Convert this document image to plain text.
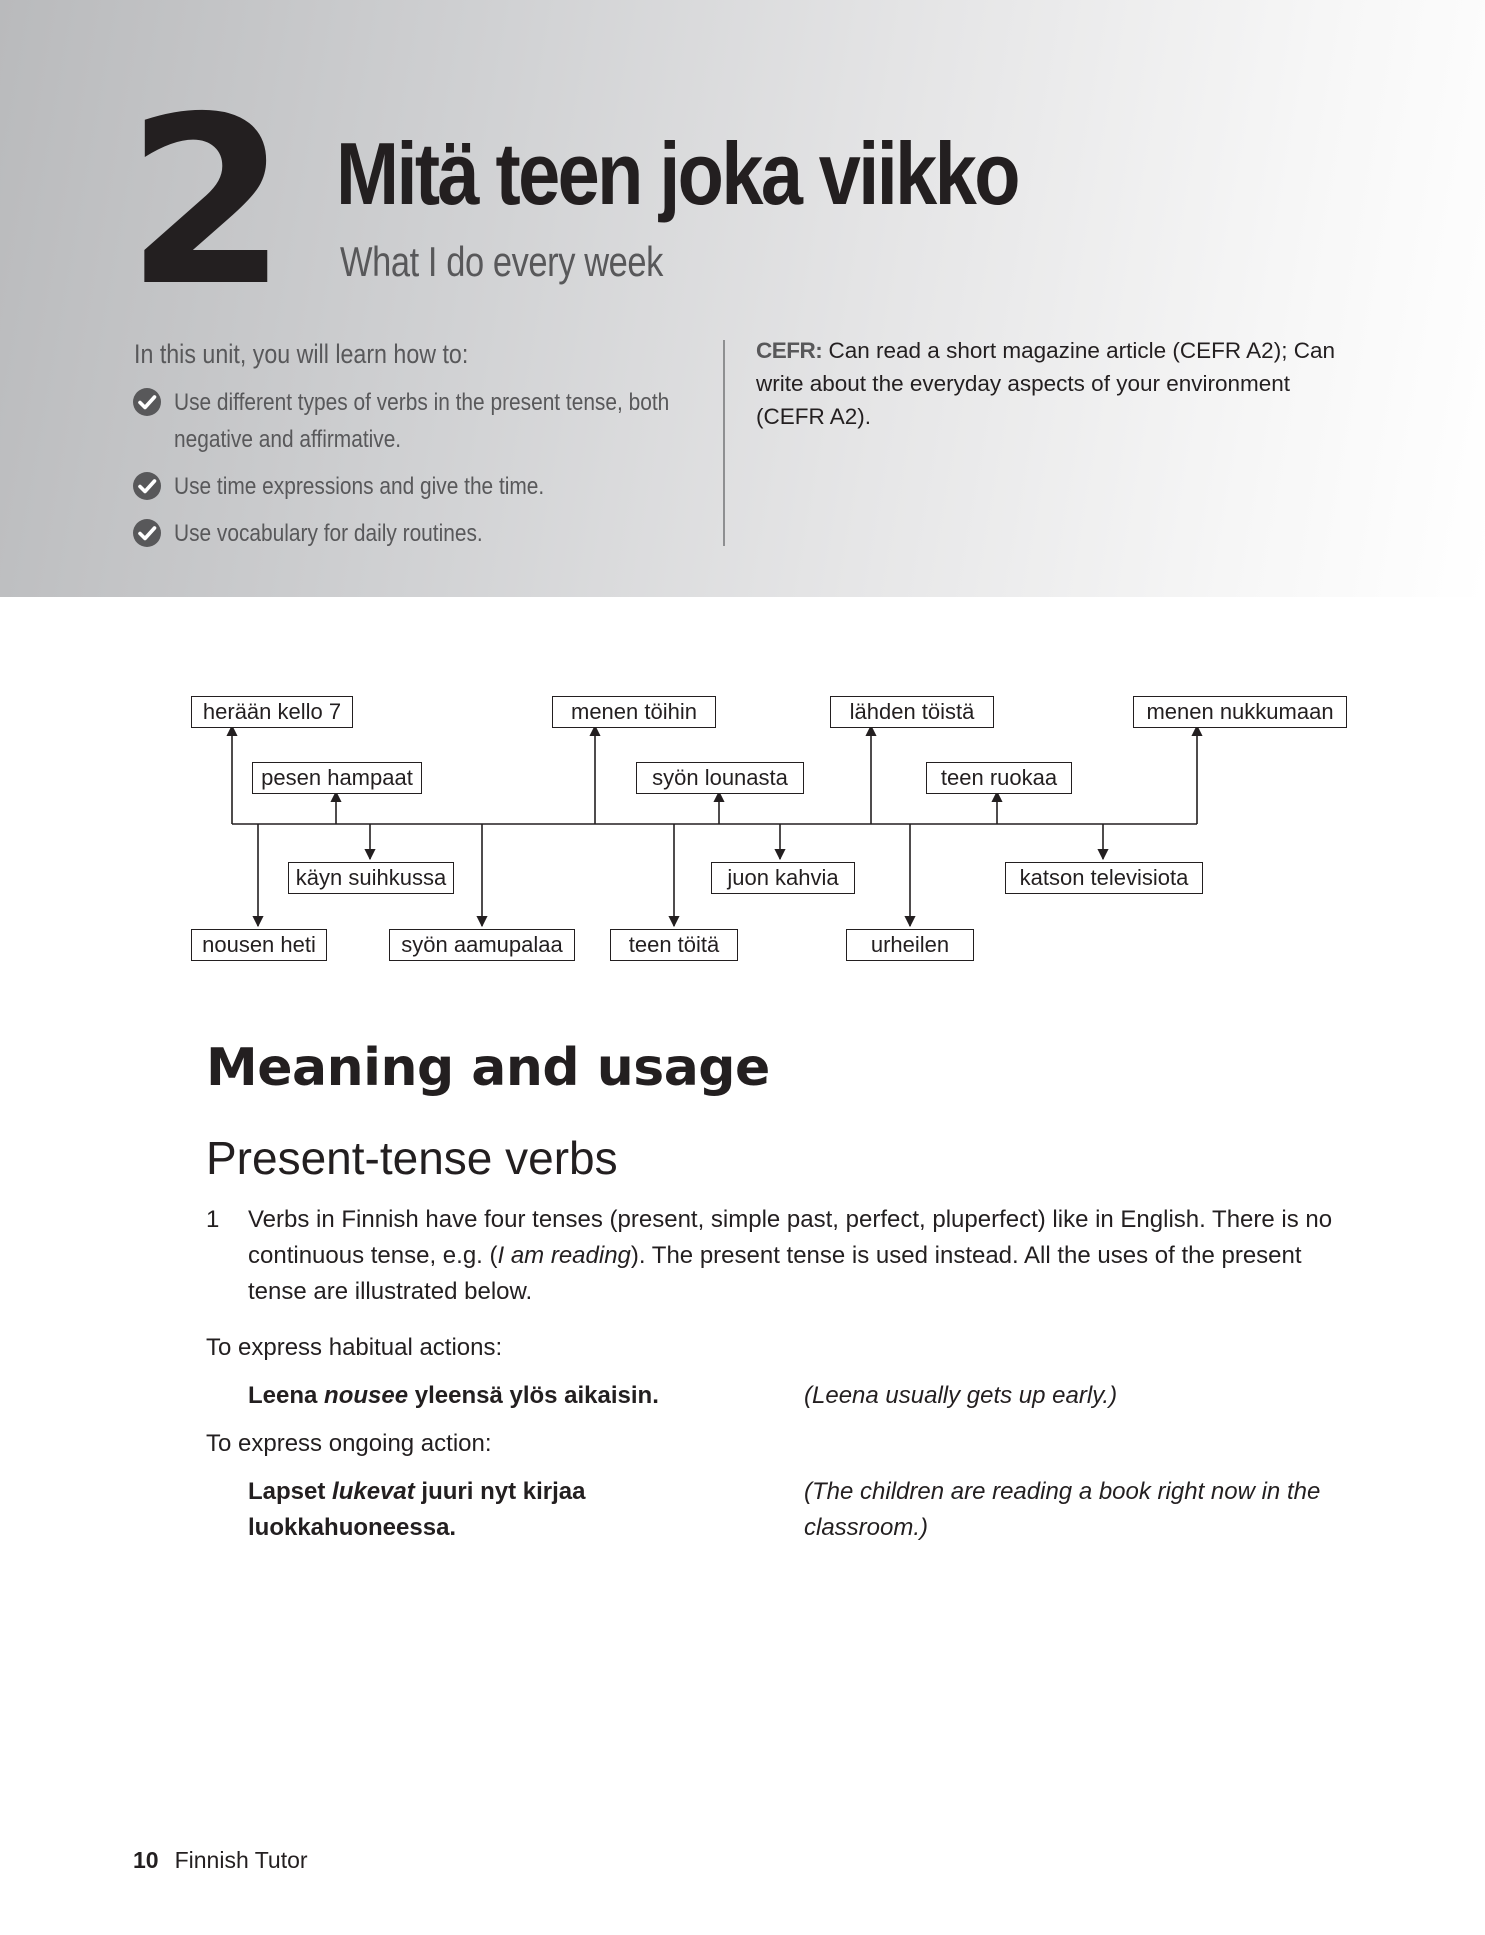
2 Mitä teen joka viikko
What I do every week
In this unit, you will learn how to:
Use different types of verbs in the present tense, both negative and affirmative.
Use time expressions and give the time.
Use vocabulary for daily routines.
CEFR: Can read a short magazine article (CEFR A2); Can write about the everyday aspects of your environment (CEFR A2).
herään kello 7	menen töihin	lähden töistä	menen nukkumaan
pesen hampaat	syön lounasta	teen ruokaa
käyn suihkussa	juon kahvia	katson televisiota
nousen heti	syön aamupalaa	teen töitä	urheilen
Meaning and usage
Present-tense verbs
1 Verbs in Finnish have four tenses (present, simple past, perfect, pluperfect) like in English. There is no continuous tense, e.g. (I am reading). The present tense is used instead. All the uses of the present tense are illustrated below.
To express habitual actions:
Leena nousee yleensä ylös aikaisin.	(Leena usually gets up early.)
To express ongoing action:
Lapset lukevat juuri nyt kirjaa luokkahuoneessa.
(The children are reading a book right now in the classroom.)
10 Finnish Tutor
